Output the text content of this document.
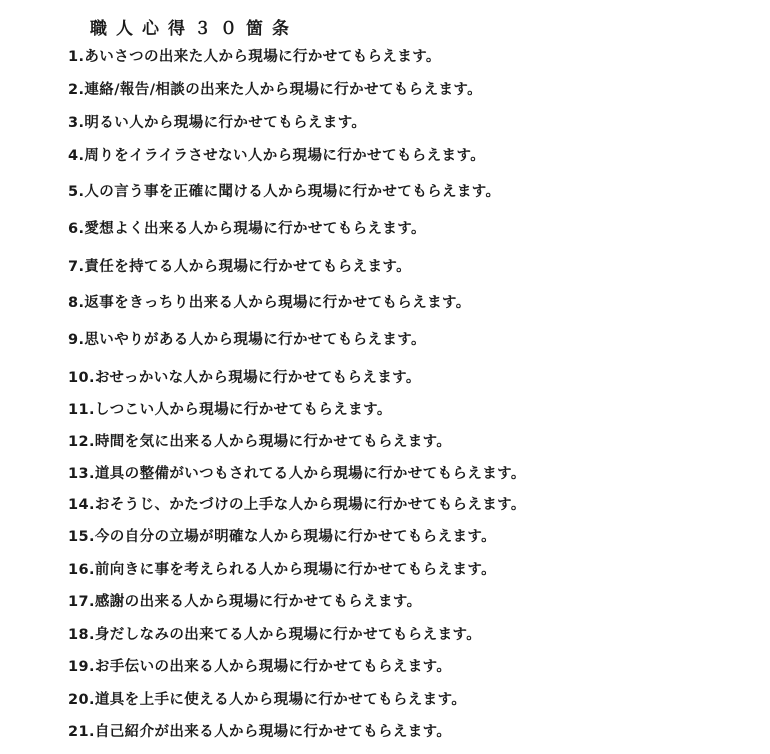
職人心得３０箇条
1.あいさつの出来た人から現場に行かせてもらえます。
2.連絡/報告/相談の出来た人から現場に行かせてもらえます。
3.明るい人から現場に行かせてもらえます。
4.周りをイライラさせない人から現場に行かせてもらえます。
5.人の言う事を正確に聞ける人から現場に行かせてもらえます。
6.愛想よく出来る人から現場に行かせてもらえます。
7.責任を持てる人から現場に行かせてもらえます。
8.返事をきっちり出来る人から現場に行かせてもらえます。
9.思いやりがある人から現場に行かせてもらえます。
10.おせっかいな人から現場に行かせてもらえます。
11.しつこい人から現場に行かせてもらえます。
12.時間を気に出来る人から現場に行かせてもらえます。
13.道具の整備がいつもされてる人から現場に行かせてもらえます。
14.おそうじ、かたづけの上手な人から現場に行かせてもらえます。
15.今の自分の立場が明確な人から現場に行かせてもらえます。
16.前向きに事を考えられる人から現場に行かせてもらえます。
17.感謝の出来る人から現場に行かせてもらえます。
18.身だしなみの出来てる人から現場に行かせてもらえます。
19.お手伝いの出来る人から現場に行かせてもらえます。
20.道具を上手に使える人から現場に行かせてもらえます。
21.自己紹介が出来る人から現場に行かせてもらえます。
